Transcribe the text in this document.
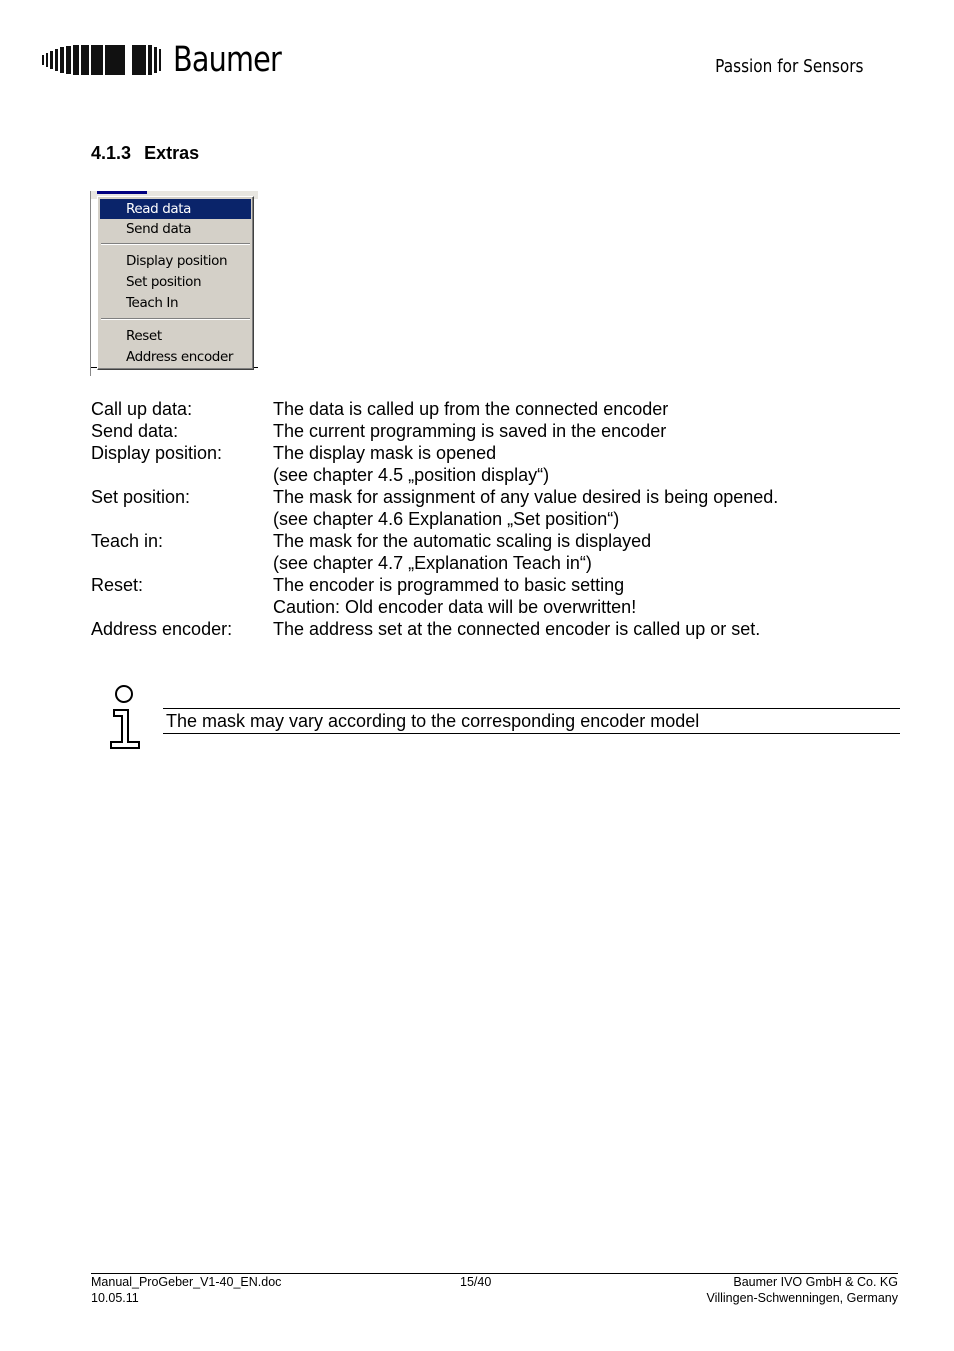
Baumer	Passion for Sensors
4.1.3 Extras
Read data
Send data
Display position
Set position
Teach In
Reset
Address encoder
Call up data:	The data is called up from the connected encoder
Send data:	The current programming is saved in the encoder
Display position:	The display mask is opened
(see chapter 4.5 „position display“)
Set position:	The mask for assignment of any value desired is being opened.
(see chapter 4.6 Explanation „Set position“)
Teach in:	The mask for the automatic scaling is displayed
(see chapter 4.7 „Explanation Teach in“)
Reset:	The encoder is programmed to basic setting
Caution: Old encoder data will be overwritten!
Address encoder:	The address set at the connected encoder is called up or set.
The mask may vary according to the corresponding encoder model
Manual_ProGeber_V1-40_EN.doc
10.05.11
15/40	Baumer IVO GmbH & Co. KG
Villingen-Schwenningen, Germany
